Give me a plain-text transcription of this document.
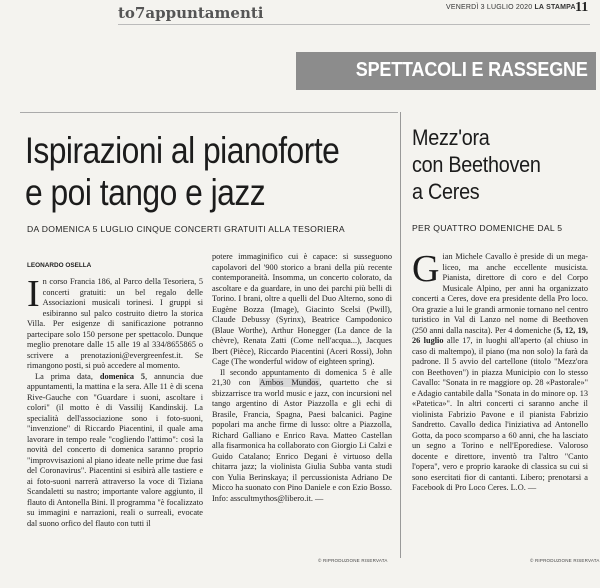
to7appuntamenti	VENERDÌ 3 LUGLIO 2020 LA STAMPA 11
SPETTACOLI E RASSEGNE
Ispirazioni al pianoforte
e poi tango e jazz
DA DOMENICA 5 LUGLIO CINQUE CONCERTI GRATUITI ALLA TESORIERA
LEONARDO OSELLA

In corso Francia 186, al Parco della Tesoriera, 5 concerti gratuiti: un bel regalo delle Associazioni musicali torinesi. I gruppi si esibiranno sul palco costruito dietro la storica Villa. Per esigenze di sanificazione potranno partecipare solo 150 persone per spettacolo. Dunque meglio prenotare dalle 15 alle 19 al 334/8655865 o scrivere a prenotazioni@evergreenfest.it. Se rimangono posti, si può accedere al momento.

La prima data, domenica 5, annuncia due appuntamenti, la mattina e la sera. Alle 11 è di scena Rive-Gauche con "Guardare i suoni, ascoltare i colori" (il motto è di Vassilij Kandinskij. La specialità dell'associazione sono i foto-suoni, "invenzione" di Riccardo Piacentini, il quale ama lavorare in tempo reale "cogliendo l'attimo": così la novità del concerto di domenica saranno proprio "improvvisazioni al piano ideate nelle prime due fasi del Coronavirus". Piacentini si esibirà alle tastiere e ai foto-suoni narrerà attraverso la voce di Tiziana Scandaletti su nastro; importante valore aggiunto, il flauto di Antonella Bini. Il programma "è focalizzato su immagini e narrazioni, reali o surreali, evocate dal suono orfico del flauto con tutti il

potere immaginifico cui è capace: si susseguono capolavori del '900 storico a brani della più recente contemporaneità. Insomma, un concerto colorato, da ascoltare e da guardare, in uno dei parchi più belli di Torino. I brani, oltre a quelli del Duo Alterno, sono di Eugène Bozza (Image), Giacinto Scelsi (Pwill), Claude Debussy (Syrinx), Beatrice Campodonico (Blaue Worthe), Arthur Honegger (La dance de la chèvre), Renata Zatti (Come nell'acqua...), Jacques Ibert (Pièce), Riccardo Piacentini (Aceri Rossi), John Cage (The wonderful widow of eighteen spring).

Il secondo appuntamento di domenica 5 è alle 21,30 con Ambos Mundos, quartetto che si sbizzarrisce tra world music e jazz, con incursioni nel tango argentino di Astor Piazzolla e gli echi di Brasile, Francia, Spagna, Paesi balcanici. Pagine popolari ma anche firme di lusso: oltre a Piazzolla, Richard Galliano e Enrico Rava. Matteo Castellan alla fisarmonica ha collaborato con Giorgio Li Calzi e Guido Catalano; Enrico Degani è virtuoso della chitarra jazz; la violinista Giulia Subba vanta studi con Yulia Berinskaya; il percussionista Adriano De Micco ha suonato con Pino Daniele e con Ezio Bosso. Info: asscultmythos@libero.it. —

© RIPRODUZIONE RISERVATA
Mezz'ora
con Beethoven
a Ceres
PER QUATTRO DOMENICHE DAL 5

Gian Michele Cavallo è preside di un mega-liceo, ma anche eccellente musicista. Pianista, direttore di coro e del Corpo Musicale Alpino, per anni ha organizzato concerti a Ceres, dove era presidente della Pro loco. Ora grazie a lui le grandi armonie tornano nel centro turistico in Val di Lanzo nel nome di Beethoven (250 anni dalla nascita). Per 4 domeniche (5, 12, 19, 26 luglio alle 17, in luoghi all'aperto (al chiuso in caso di maltempo), il piano (ma non solo) la farà da padrone. Il 5 avvio del cartellone (titolo "Mezz'ora con Beethoven") in piazza Municipio con lo stesso Cavallo: "Sonata in re maggiore op. 28 «Pastorale»" e Adagio cantabile dalla "Sonata in do minore op. 13 «Patetica»". In altri concerti ci saranno anche il violinista Fabrizio Pavone e il pianista Fabrizio Sandretto. Cavallo dedica l'iniziativa ad Antonello Gotta, da poco scomparso a 60 anni, che ha lasciato un segno a Torino e nell'Eporediese. Valoroso docente e direttore, inventò tra l'altro "Canto l'opera", vero e proprio karaoke di classica su cui si sono esercitati fior di cantanti. Libero; prenotarsi a Facebook di Pro Loco Ceres. L.O. —

© RIPRODUZIONE RISERVATA
